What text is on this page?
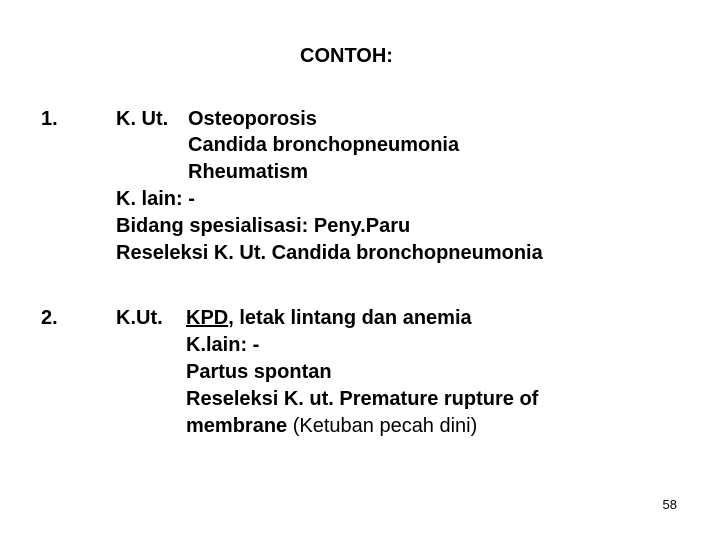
CONTOH:
1.	K. Ut. Osteoporosis
Candida bronchopneumonia
Rheumatism
K. lain: -
Bidang spesialisasi: Peny.Paru
Reseleksi K. Ut. Candida bronchopneumonia
2.	K.Ut. KPD, letak lintang dan anemia
K.lain: -
Partus spontan
Reseleksi K. ut. Premature rupture of
membrane (Ketuban pecah dini)
58
